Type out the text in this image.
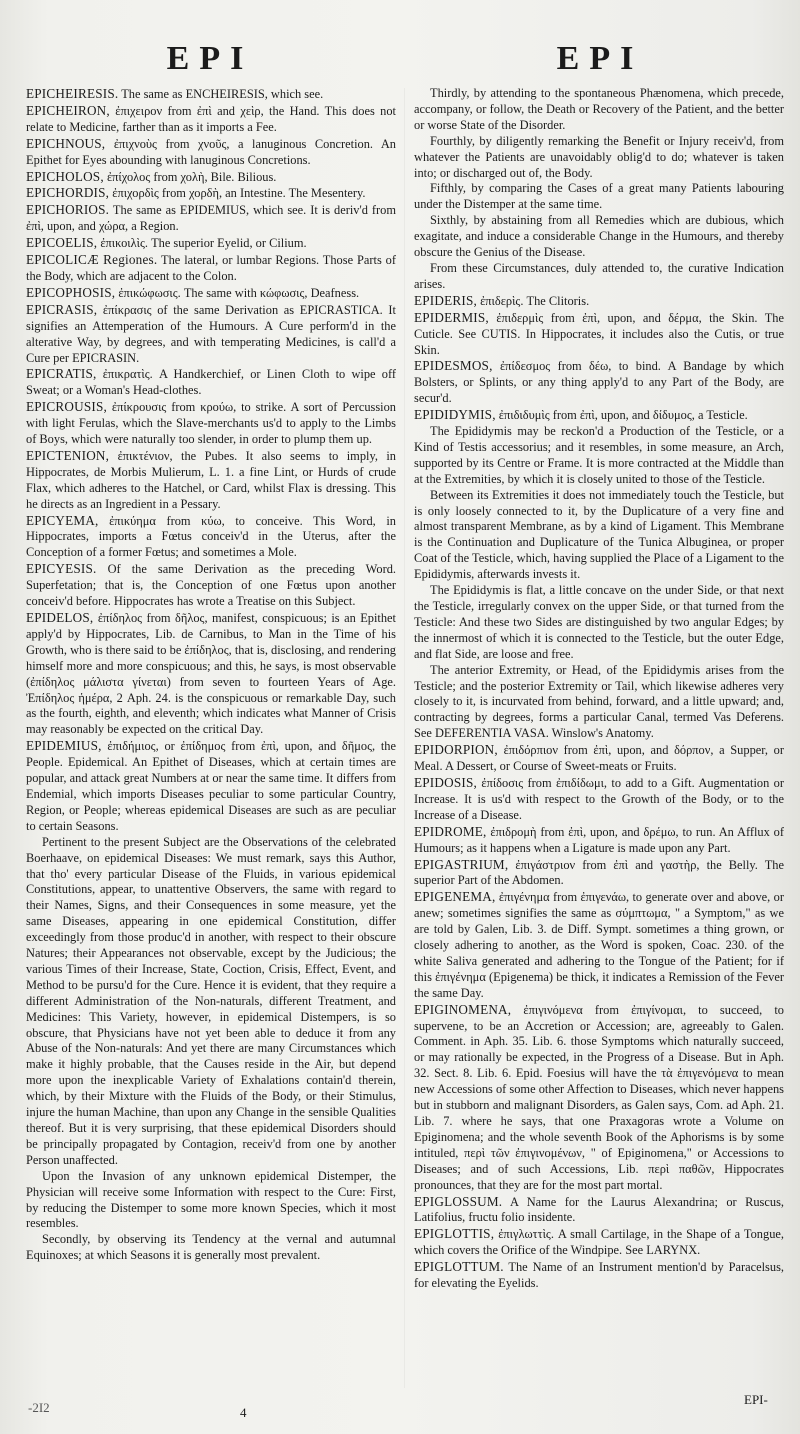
EPI	EPI

EPICHEIRESIS. The same as ENCHEIRESIS, which see.

EPICHEIRON, ἐπιχειρον from ἐπὶ and χεὶρ, the Hand. This does not relate to Medicine, farther than as it imports a Fee.

EPICHNOUS, ἐπιχνοὺς from χνοῦς, a lanuginous Concretion. An Epithet for Eyes abounding with lanuginous Concretions.

EPICHOLOS, ἐπίχολος from χολὴ, Bile. Bilious.

EPICHORDIS, ἐπιχορδὶς from χορδὴ, an Intestine. The Mesentery.

EPICHORIOS. The same as EPIDEMIUS, which see. It is deriv'd from ἐπὶ, upon, and χώρα, a Region.

EPICOELIS, ἐπικοιλὶς. The superior Eyelid, or Cilium.

EPICOLICÆ Regiones. The lateral, or lumbar Regions. Those Parts of the Body, which are adjacent to the Colon.

EPICOPHOSIS, ἐπικώφωσις. The same with κώφωσις, Deafness.

EPICRASIS, ἐπίκρασις of the same Derivation as EPICRASTICA. It signifies an Attemperation of the Humours. A Cure perform'd in the alterative Way, by degrees, and with temperating Medicines, is call'd a Cure per EPICRASIN.

EPICRATIS, ἐπικρατὶς. A Handkerchief, or Linen Cloth to wipe off Sweat; or a Woman's Head-clothes.

EPICROUSIS, ἐπίκρουσις from κρούω, to strike. A sort of Percussion with light Ferulas, which the Slave-merchants us'd to apply to the Limbs of Boys, which were naturally too slender, in order to plump them up.

EPICTENION, ἐπικτένιον, the Pubes. It also seems to imply, in Hippocrates, de Morbis Mulierum, L. 1. a fine Lint, or Hurds of crude Flax, which adheres to the Hatchel, or Card, whilst Flax is dressing. This he directs as an Ingredient in a Pessary.

EPICYEMA, ἐπικύημα from κύω, to conceive. This Word, in Hippocrates, imports a Fœtus conceiv'd in the Uterus, after the Conception of a former Fœtus; and sometimes a Mole.

EPICYESIS. Of the same Derivation as the preceding Word. Superfetation; that is, the Conception of one Fœtus upon another conceiv'd before. Hippocrates has wrote a Treatise on this Subject.

EPIDELOS, ἐπίδηλος from δῆλος, manifest, conspicuous; is an Epithet apply'd by Hippocrates, Lib. de Carnibus, to Man in the Time of his Growth, who is there said to be ἐπίδηλος, that is, disclosing, and rendering himself more and more conspicuous; and this, he says, is most observable (ἐπίδηλος μάλιστα γίνεται) from seven to fourteen Years of Age. Ἐπίδηλος ἡμέρα, 2 Aph. 24. is the conspicuous or remarkable Day, such as the fourth, eighth, and eleventh; which indicates what Manner of Crisis may reasonably be expected on the critical Day.

EPIDEMIUS, ἐπιδήμιος, or ἐπίδημος from ἐπὶ, upon, and δῆμος, the People. Epidemical. An Epithet of Diseases, which at certain times are popular, and attack great Numbers at or near the same time. It differs from Endemial, which imports Diseases peculiar to some particular Country, Region, or People; whereas epidemical Diseases are such as are peculiar to certain Seasons.

Pertinent to the present Subject are the Observations of the celebrated Boerhaave, on epidemical Diseases: We must remark, says this Author, that tho' every particular Disease of the Fluids, in various epidemical Constitutions, appear, to unattentive Observers, the same with regard to their Names, Signs, and their Consequences in some measure, yet the same Diseases, appearing in one epidemical Constitution, differ exceedingly from those produc'd in another, with respect to their obscure Natures; their Appearances not observable, except by the Judicious; the various Times of their Increase, State, Coction, Crisis, Effect, Event, and Method to be pursu'd for the Cure. Hence it is evident, that they require a different Administration of the Non-naturals, different Treatment, and Medicines: This Variety, however, in epidemical Distempers, is so obscure, that Physicians have not yet been able to deduce it from any Abuse of the Non-naturals: And yet there are many Circumstances which make it highly probable, that the Causes reside in the Air, but depend more upon the inexplicable Variety of Exhalations contain'd therein, which, by their Mixture with the Fluids of the Body, or their Stimulus, injure the human Machine, than upon any Change in the sensible Qualities thereof. But it is very surprising, that these epidemical Disorders should be principally propagated by Contagion, receiv'd from one by another Person unaffected.

Upon the Invasion of any unknown epidemical Distemper, the Physician will receive some Information with respect to the Cure: First, by reducing the Distemper to some more known Species, which it most resembles.

Secondly, by observing its Tendency at the vernal and autumnal Equinoxes; at which Seasons it is generally most prevalent.

Thirdly, by attending to the spontaneous Phænomena, which precede, accompany, or follow, the Death or Recovery of the Patient, and the better or worse State of the Disorder.

Fourthly, by diligently remarking the Benefit or Injury receiv'd, from whatever the Patients are unavoidably oblig'd to do; whatever is taken into; or discharged out of, the Body.

Fifthly, by comparing the Cases of a great many Patients labouring under the Distemper at the same time.

Sixthly, by abstaining from all Remedies which are dubious, which exagitate, and induce a considerable Change in the Humours, and thereby obscure the Genius of the Disease.

From these Circumstances, duly attended to, the curative Indication arises.

EPIDERIS, ἐπιδερὶς. The Clitoris.

EPIDERMIS, ἐπιδερμὶς from ἐπὶ, upon, and δέρμα, the Skin. The Cuticle. See CUTIS. In Hippocrates, it includes also the Cutis, or true Skin.

EPIDESMOS, ἐπίδεσμος from δέω, to bind. A Bandage by which Bolsters, or Splints, or any thing apply'd to any Part of the Body, are secur'd.

EPIDIDYMIS, ἐπιδιδυμὶς from ἐπὶ, upon, and δίδυμος, a Testicle.

The Epididymis may be reckon'd a Production of the Testicle, or a Kind of Testis accessorius; and it resembles, in some measure, an Arch, supported by its Centre or Frame. It is more contracted at the Middle than at the Extremities, by which it is closely united to those of the Testicle.

Between its Extremities it does not immediately touch the Testicle, but is only loosely connected to it, by the Duplicature of a very fine and almost transparent Membrane, as by a kind of Ligament. This Membrane is the Continuation and Duplicature of the Tunica Albuginea, or proper Coat of the Testicle, which, having supplied the Place of a Ligament to the Epididymis, afterwards invests it.

The Epididymis is flat, a little concave on the under Side, or that next the Testicle, irregularly convex on the upper Side, or that turned from the Testicle: And these two Sides are distinguished by two angular Edges; by the innermost of which it is connected to the Testicle, but the outer Edge, and flat Side, are loose and free.

The anterior Extremity, or Head, of the Epididymis arises from the Testicle; and the posterior Extremity or Tail, which likewise adheres very closely to it, is incurvated from behind, forward, and a little upward; and, contracting by degrees, forms a particular Canal, termed Vas Deferens. See DEFERENTIA VASA. Winslow's Anatomy.

EPIDORPION, ἐπιδόρπιον from ἐπὶ, upon, and δόρπον, a Supper, or Meal. A Dessert, or Course of Sweet-meats or Fruits.

EPIDOSIS, ἐπίδοσις from ἐπιδίδωμι, to add to a Gift. Augmentation or Increase. It is us'd with respect to the Growth of the Body, or to the Increase of a Disease.

EPIDROME, ἐπιδρομὴ from ἐπὶ, upon, and δρέμω, to run. An Afflux of Humours; as it happens when a Ligature is made upon any Part.

EPIGASTRIUM, ἐπιγάστριον from ἐπὶ and γαστὴρ, the Belly. The superior Part of the Abdomen.

EPIGENEMA, ἐπιγένημα from ἐπιγενάω, to generate over and above, or anew; sometimes signifies the same as σύμπτωμα, " a Symptom," as we are told by Galen, Lib. 3. de Diff. Sympt. sometimes a thing grown, or closely adhering to another, as the Word is spoken, Coac. 230. of the white Saliva generated and adhering to the Tongue of the Patient; for if this ἐπιγένημα (Epigenema) be thick, it indicates a Remission of the Fever the same Day.

EPIGINOMENA, ἐπιγινόμενα from ἐπιγίνομαι, to succeed, to supervene, to be an Accretion or Accession; are, agreeably to Galen. Comment. in Aph. 35. Lib. 6. those Symptoms which naturally succeed, or may rationally be expected, in the Progress of a Disease. But in Aph. 32. Sect. 8. Lib. 6. Epid. Foesius will have the τὰ ἐπιγενόμενα to mean new Accessions of some other Affection to Diseases, which never happens but in stubborn and malignant Disorders, as Galen says, Com. ad Aph. 21. Lib. 7. where he says, that one Praxagoras wrote a Volume on Epiginomena; and the whole seventh Book of the Aphorisms is by some intituled, περὶ τῶν ἐπιγινομένων, " of Epiginomena," or Accessions to Diseases; and of such Accessions, Lib. περὶ παθῶν, Hippocrates pronounces, that they are for the most part mortal.

EPIGLOSSUM. A Name for the Laurus Alexandrina; or Ruscus, Latifolius, fructu folio insidente.

EPIGLOTTIS, ἐπιγλωττὶς. A small Cartilage, in the Shape of a Tongue, which covers the Orifice of the Windpipe. See LARYNX.

EPIGLOTTUM. The Name of an Instrument mention'd by Paracelsus, for elevating the Eyelids.

-2I2	4
EPI-
